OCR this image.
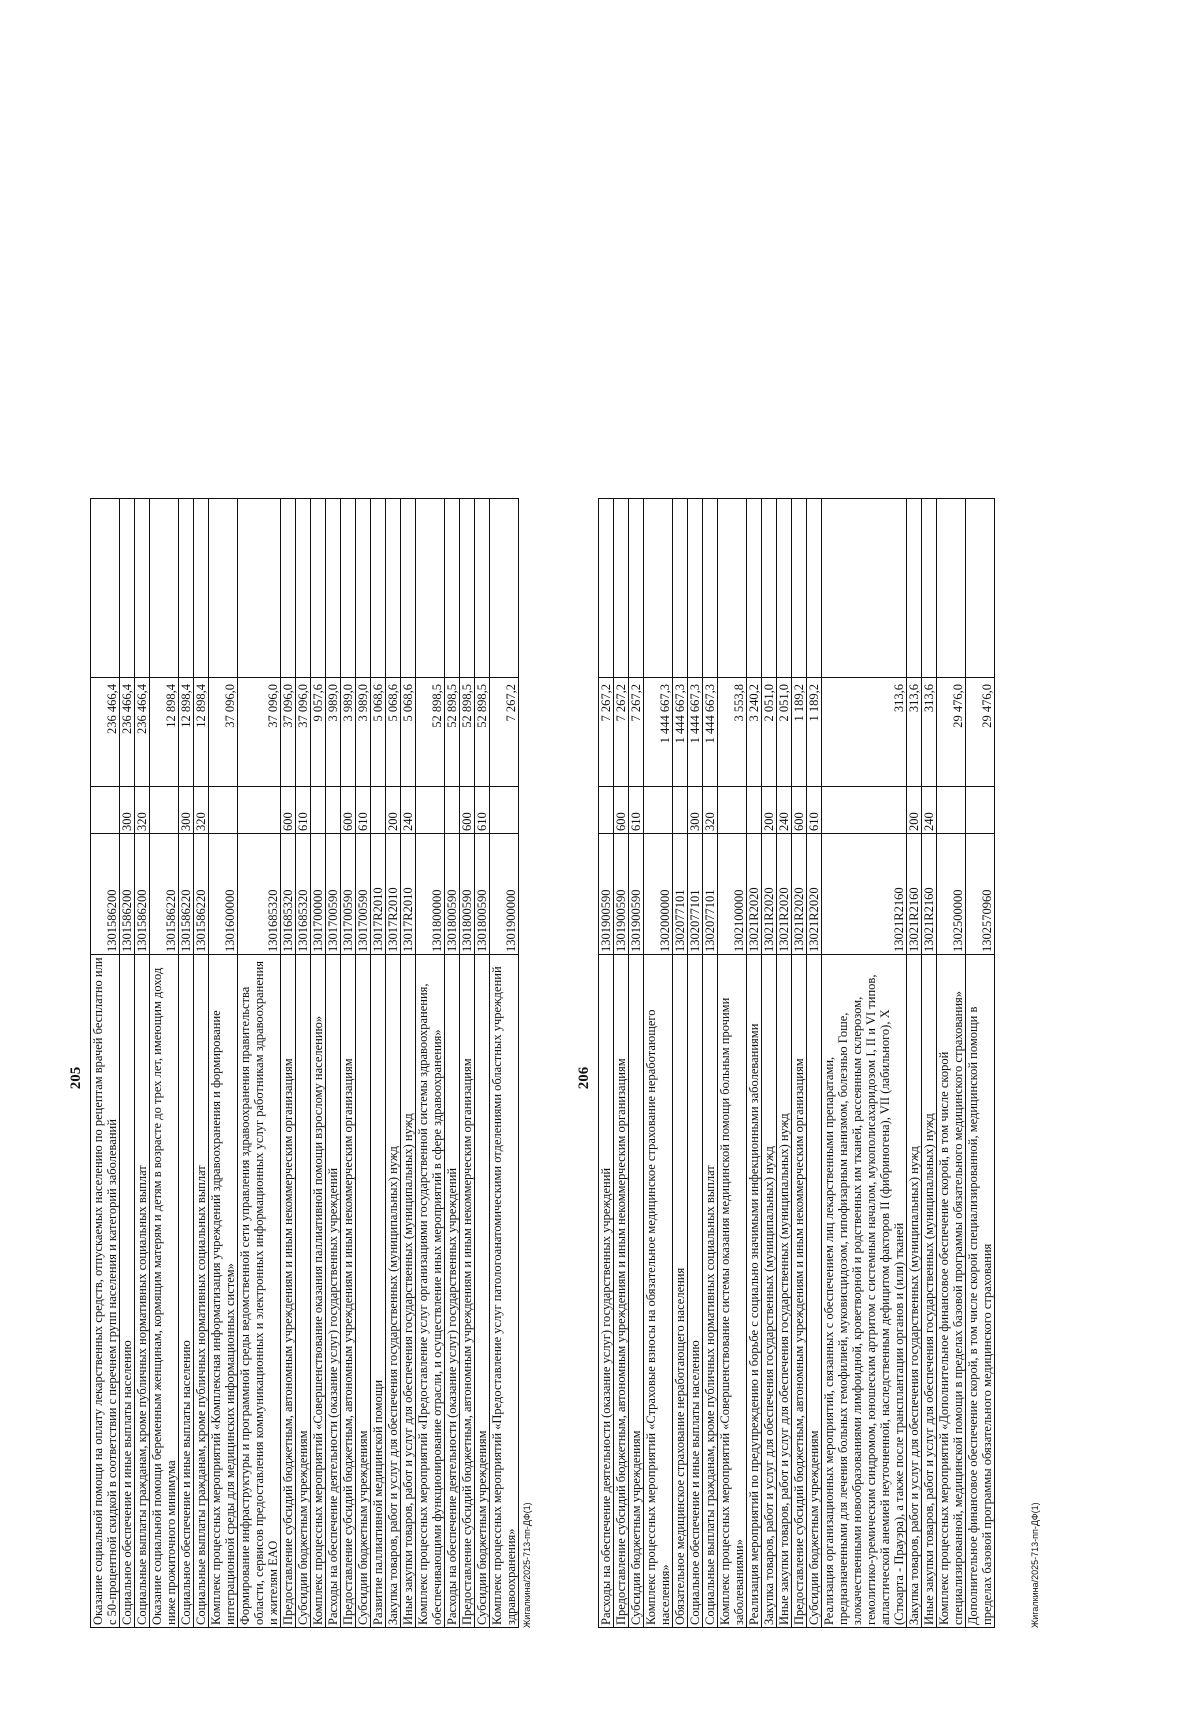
205 Оказание социальной помощи на оплату лекарственных средств, отпускаемых населению по рецептам врачей бесплатно или с 50-процентной скидкой в соответствии с перечнем групп населения и категорий заболеваний	1301586200		236 466,4	
Социальное обеспечение и иные выплаты населению	1301586200	300	236 466,4	
Социальные выплаты гражданам, кроме публичных нормативных социальных выплат	1301586200	320	236 466,4	
Оказание социальной помощи беременным женщинам, кормящим матерям и детям в возрасте до трех лет, имеющим доход ниже прожиточного минимума	1301586220		12 898,4	
Социальное обеспечение и иные выплаты населению	1301586220	300	12 898,4	
Социальные выплаты гражданам, кроме публичных нормативных социальных выплат	1301586220	320	12 898,4	
Комплекс процессных мероприятий «Комплексная информатизация учреждений здравоохранения и формирование интеграционной среды для медицинских информационных систем»	1301600000		37 096,0	
Формирование инфраструктуры и программной среды ведомственной сети управления здравоохранения правительства области, сервисов предоставления коммуникационных и электронных информационных услуг работникам здравоохранения и жителям ЕАО	1301685320		37 096,0	
Предоставление субсидий бюджетным, автономным учреждениям и иным некоммерческим организациям	1301685320	600	37 096,0	
Субсидии бюджетным учреждениям	1301685320	610	37 096,0	
Комплекс процессных мероприятий «Совершенствование оказания паллиативной помощи взрослому населению»	1301700000		9 057,6	
Расходы на обеспечение деятельности (оказание услуг) государственных учреждений	1301700590		3 989,0	
Предоставление субсидий бюджетным, автономным учреждениям и иным некоммерческим организациям	1301700590	600	3 989,0	
Субсидии бюджетным учреждениям	1301700590	610	3 989,0	
Развитие паллиативной медицинской помощи	13017R2010		5 068,6	
Закупка товаров, работ и услуг для обеспечения государственных (муниципальных) нужд	13017R2010	200	5 068,6	
Иные закупки товаров, работ и услуг для обеспечения государственных (муниципальных) нужд	13017R2010	240	5 068,6	
Комплекс процессных мероприятий «Предоставление услуг организациями государственной системы здравоохранения, обеспечивающими функционирование отрасли, и осуществление иных мероприятий в сфере здравоохранения»	1301800000		52 898,5	
Расходы на обеспечение деятельности (оказание услуг) государственных учреждений	1301800590		52 898,5	
Предоставление субсидий бюджетным, автономным учреждениям и иным некоммерческим организациям	1301800590	600	52 898,5	
Субсидии бюджетным учреждениям	1301800590	610	52 898,5	
Комплекс процессных мероприятий «Предоставление услуг патологоанатомическими отделениями областных учреждений здравоохранения»	1301900000		7 267,2	
Жигалкина/2025-713-пп-ДФ(1)
206
Расходы на обеспечение деятельности (оказание услуг) государственных учреждений	1301900590		7 267,2	
Предоставление субсидий бюджетным, автономным учреждениям и иным некоммерческим организациям	1301900590	600	7 267,2	
Субсидии бюджетным учреждениям	1301900590	610	7 267,2	
Комплекс процессных мероприятий «Страховые взносы на обязательное медицинское страхование неработающего населения»	1302000000		1 444 667,3	
Обязательное медицинское страхование неработающего населения	1302077101		1 444 667,3	
Социальное обеспечение и иные выплаты населению	1302077101	300	1 444 667,3	
Социальные выплаты гражданам, кроме публичных нормативных социальных выплат	1302077101	320	1 444 667,3	
Комплекс процессных мероприятий «Совершенствование системы оказания медицинской помощи больным прочими заболеваниями»	1302100000		3 553,8	
Реализация мероприятий по предупреждению и борьбе с социально значимыми инфекционными заболеваниями	13021R2020		3 240,2	
Закупка товаров, работ и услуг для обеспечения государственных (муниципальных) нужд	13021R2020	200	2 051,0	
Иные закупки товаров, работ и услуг для обеспечения государственных (муниципальных) нужд	13021R2020	240	2 051,0	
Предоставление субсидий бюджетным, автономным учреждениям и иным некоммерческим организациям	13021R2020	600	1 189,2	
Субсидии бюджетным учреждениям	13021R2020	610	1 189,2	
Реализация организационных мероприятий, связанных с обеспечением лиц лекарственными препаратами, предназначенными для лечения больных гемофилией, муковисцидозом, гипофизарным нанизмом, болезнью Гоше, злокачественными новообразованиями лимфоидной, кроветворной и родственных им тканей, рассеянным склерозом, гемолитико-уремическим синдромом, юношеским артритом с системным началом, мукополисахаридозом I, II и VI типов, апластической анемией неуточненной, наследственным дефицитом факторов II (фибриногена), VII (лабильного), X (Стюарта - Прауэра), а также после трансплантации органов и (или) тканей	13021R2160		313,6	
Закупка товаров, работ и услуг для обеспечения государственных (муниципальных) нужд	13021R2160	200	313,6	
Иные закупки товаров, работ и услуг для обеспечения государственных (муниципальных) нужд	13021R2160	240	313,6	
Комплекс процессных мероприятий «Дополнительное финансовое обеспечение скорой, в том числе скорой специализированной, медицинской помощи в пределах базовой программы обязательного медицинского страхования»	1302500000		29 476,0	
Дополнительное финансовое обеспечение скорой, в том числе скорой специализированной, медицинской помощи в пределах базовой программы обязательного медицинского страхования	1302570960		29 476,0	
Жигалкина/2025-713-пп-ДФ(1)
